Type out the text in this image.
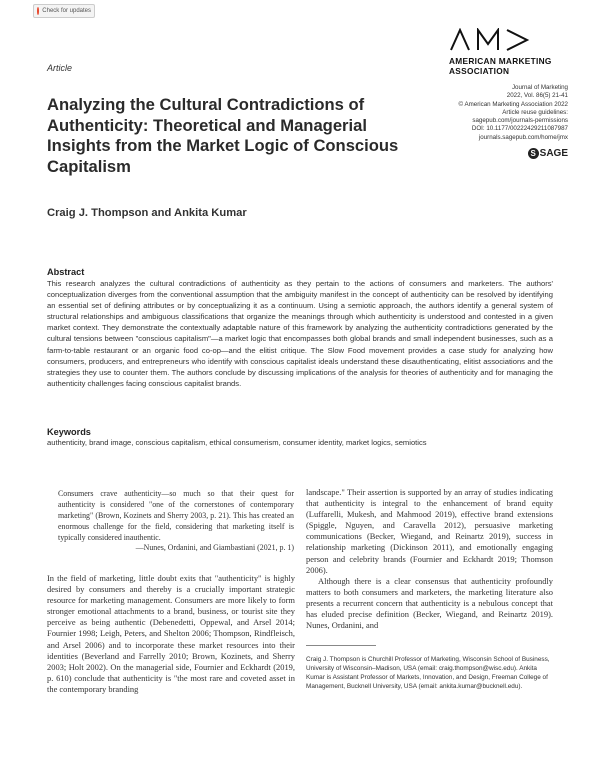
Check for updates
Article
AMERICAN MARKETING
ASSOCIATION
Journal of Marketing
2022, Vol. 86(5) 21-41
© American Marketing Association 2022
Article reuse guidelines:
sagepub.com/journals-permissions
DOI: 10.1177/00222429211087987
journals.sagepub.com/home/jmx
S SAGE
Analyzing the Cultural Contradictions of Authenticity: Theoretical and Managerial Insights from the Market Logic of Conscious Capitalism
Craig J. Thompson and Ankita Kumar
Abstract

This research analyzes the cultural contradictions of authenticity as they pertain to the actions of consumers and marketers. The authors' conceptualization diverges from the conventional assumption that the ambiguity manifest in the concept of authenticity can be resolved by identifying an essential set of defining attributes or by conceptualizing it as a continuum. Using a semiotic approach, the authors identify a general system of structural relationships and ambiguous classifications that organize the meanings through which authenticity is understood and contested in a given market context. They demonstrate the contextually adaptable nature of this framework by analyzing the authenticity contradictions generated by the cultural tensions between "conscious capitalism"—a market logic that encompasses both global brands and small independent businesses, such as a farm-to-table restaurant or an organic food co-op—and the elitist critique. The Slow Food movement provides a case study for analyzing how consumers, producers, and entrepreneurs who identify with conscious capitalist ideals understand these disauthenticating, elitist associations and the strategies they use to counter them. The authors conclude by discussing implications of the analysis for theories of authenticity and for managing the authenticity challenges facing conscious capitalist brands.

Keywords
authenticity, brand image, conscious capitalism, ethical consumerism, consumer identity, market logics, semiotics

Consumers crave authenticity—so much so that their quest for authenticity is considered "one of the cornerstones of contemporary marketing" (Brown, Kozinets and Sherry 2003, p. 21). This has created an enormous challenge for the field, considering that marketing itself is typically considered inauthentic.

—Nunes, Ordanini, and Giambastiani (2021, p. 1)

In the field of marketing, little doubt exits that "authenticity" is highly desired by consumers and thereby is a crucially important strategic resource for marketing management. Consumers are more likely to form stronger emotional attachments to a brand, business, or tourist site they perceive as being authentic (Debenedetti, Oppewal, and Arsel 2014; Fournier 1998; Leigh, Peters, and Shelton 2006; Thompson, Rindfleisch, and Arsel 2006) and to incorporate these market resources into their identities (Beverland and Farrelly 2010; Brown, Kozinets, and Sherry 2003; Holt 2002). On the managerial side, Fournier and Eckhardt (2019, p. 610) conclude that authenticity is "the most rare and coveted asset in the contemporary branding

landscape." Their assertion is supported by an array of studies indicating that authenticity is integral to the enhancement of brand equity (Luffarelli, Mukesh, and Mahmood 2019), effective brand extensions (Spiggle, Nguyen, and Caravella 2012), persuasive marketing communications (Becker, Wiegand, and Reinartz 2019), success in relationship marketing (Dickinson 2011), and emotionally engaging person and celebrity brands (Fournier and Eckhardt 2019; Thomson 2006).

Although there is a clear consensus that authenticity profoundly matters to both consumers and marketers, the marketing literature also presents a recurrent concern that authenticity is a nebulous concept that has eluded precise definition (Becker, Wiegand, and Reinartz 2019). Nunes, Ordanini, and

Craig J. Thompson is Churchill Professor of Marketing, Wisconsin School of Business, University of Wisconsin–Madison, USA (email: craig.thompson@wisc.edu). Ankita Kumar is Assistant Professor of Markets, Innovation, and Design, Freeman College of Management, Bucknell University, USA (email: ankita.kumar@bucknell.edu).
